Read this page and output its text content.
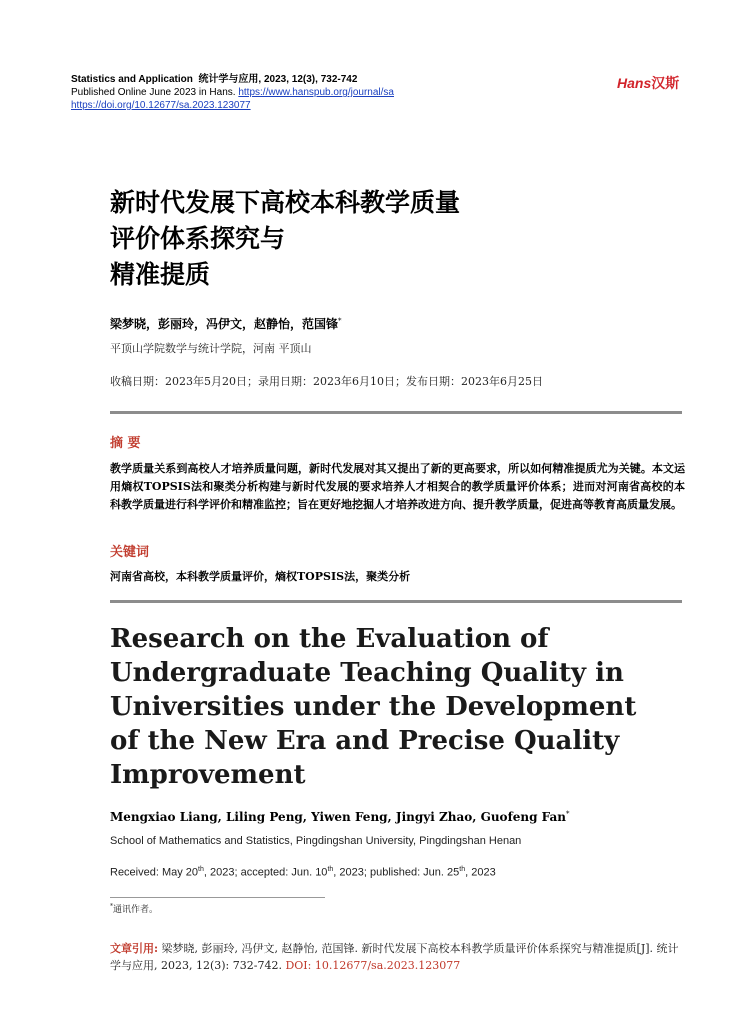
Statistics and Application 统计学与应用, 2023, 12(3), 732-742
Published Online June 2023 in Hans. https://www.hanspub.org/journal/sa
https://doi.org/10.12677/sa.2023.123077
Hans汉斯
新时代发展下高校本科教学质量
评价体系探究与
精准提质
梁梦晓，彭丽玲，冯伊文，赵静怡，范国锋*
平顶山学院数学与统计学院，河南 平顶山
收稿日期：2023年5月20日；录用日期：2023年6月10日；发布日期：2023年6月25日
摘 要
教学质量关系到高校人才培养质量问题，新时代发展对其又提出了新的更高要求，所以如何精准提质尤为关键。本文运用熵权TOPSIS法和聚类分析构建与新时代发展的要求培养人才相契合的教学质量评价体系；进而对河南省高校的本科教学质量进行科学评价和精准监控；旨在更好地挖掘人才培养改进方向、提升教学质量，促进高等教育高质量发展。
关键词
河南省高校，本科教学质量评价，熵权TOPSIS法，聚类分析
Research on the Evaluation of
Undergraduate Teaching Quality in
Universities under the Development
of the New Era and Precise Quality
Improvement
Mengxiao Liang, Liling Peng, Yiwen Feng, Jingyi Zhao, Guofeng Fan*
School of Mathematics and Statistics, Pingdingshan University, Pingdingshan Henan
Received: May 20th, 2023; accepted: Jun. 10th, 2023; published: Jun. 25th, 2023
*通讯作者。
文章引用: 梁梦晓, 彭丽玲, 冯伊文, 赵静怡, 范国锋. 新时代发展下高校本科教学质量评价体系探究与精准提质[J]. 统计学与应用, 2023, 12(3): 732-742. DOI: 10.12677/sa.2023.123077
